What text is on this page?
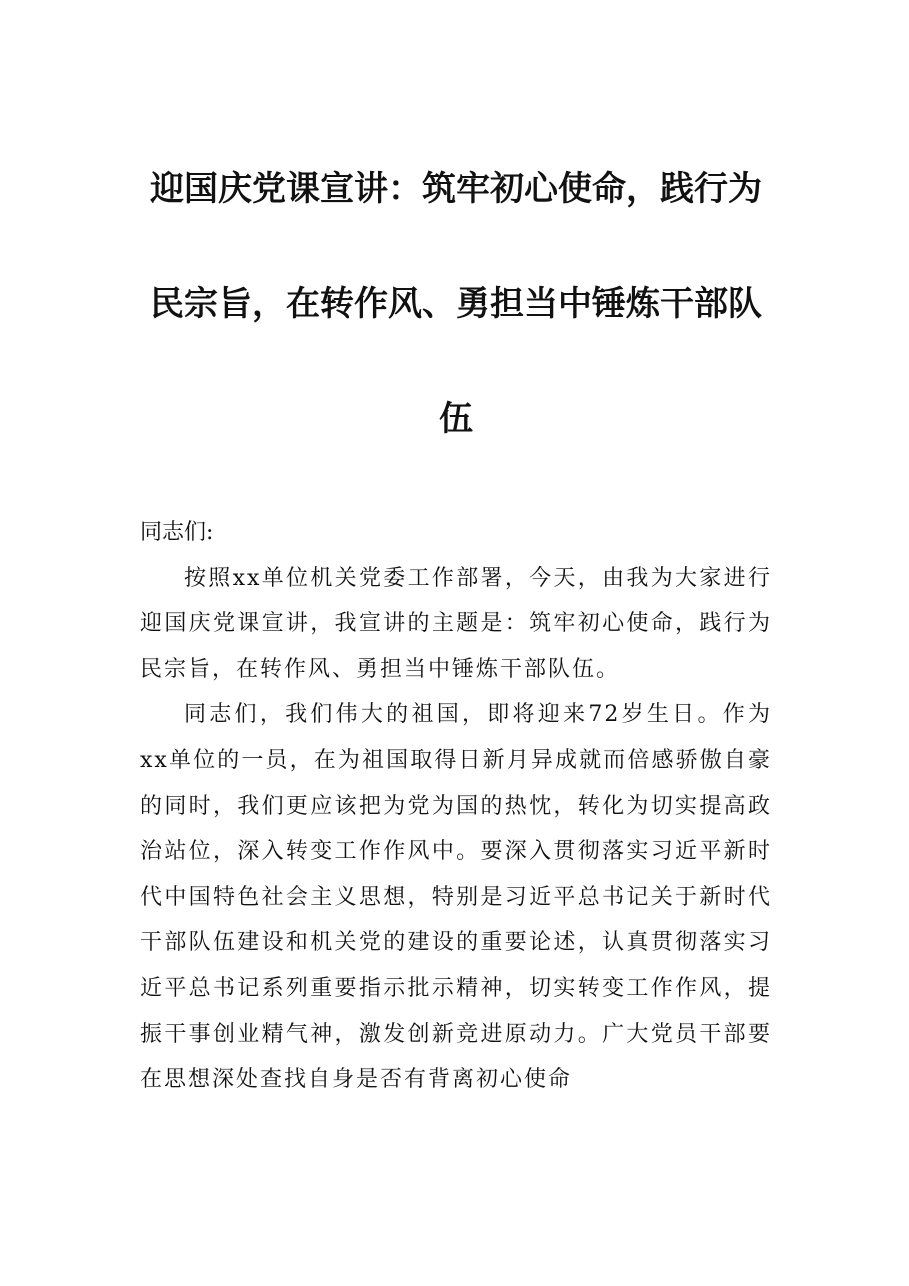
迎国庆党课宣讲：筑牢初心使命，践行为
民宗旨，在转作风、勇担当中锤炼干部队
伍

同志们:

按照xx单位机关党委工作部署，今天，由我为大家进行迎国庆党课宣讲，我宣讲的主题是：筑牢初心使命，践行为民宗旨，在转作风、勇担当中锤炼干部队伍。

同志们，我们伟大的祖国，即将迎来72岁生日。作为xx单位的一员，在为祖国取得日新月异成就而倍感骄傲自豪的同时，我们更应该把为党为国的热忱，转化为切实提高政治站位，深入转变工作作风中。要深入贯彻落实习近平新时代中国特色社会主义思想，特别是习近平总书记关于新时代干部队伍建设和机关党的建设的重要论述，认真贯彻落实习近平总书记系列重要指示批示精神，切实转变工作作风，提振干事创业精气神，激发创新竞进原动力。广大党员干部要在思想深处查找自身是否有背离初心使命
